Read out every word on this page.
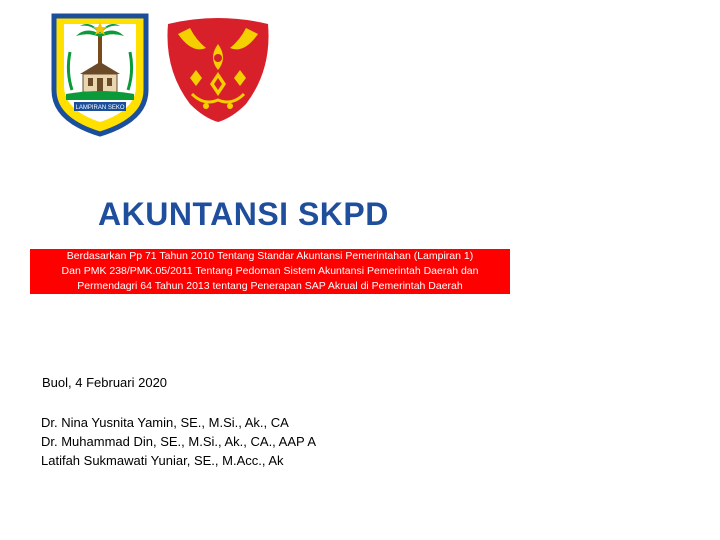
LAMPIRAN SEKO
AKUNTANSI SKPD
Berdasarkan Pp 71 Tahun 2010 Tentang Standar Akuntansi Pemerintahan (Lampiran 1)
Dan PMK 238/PMK.05/2011 Tentang Pedoman Sistem Akuntansi Pemerintah Daerah dan
Permendagri 64 Tahun 2013 tentang Penerapan SAP Akrual di Pemerintah Daerah
Buol, 4 Februari 2020
Dr. Nina Yusnita Yamin, SE., M.Si., Ak., CA
Dr. Muhammad Din, SE., M.Si., Ak., CA., AAP A
Latifah Sukmawati Yuniar, SE., M.Acc., Ak
